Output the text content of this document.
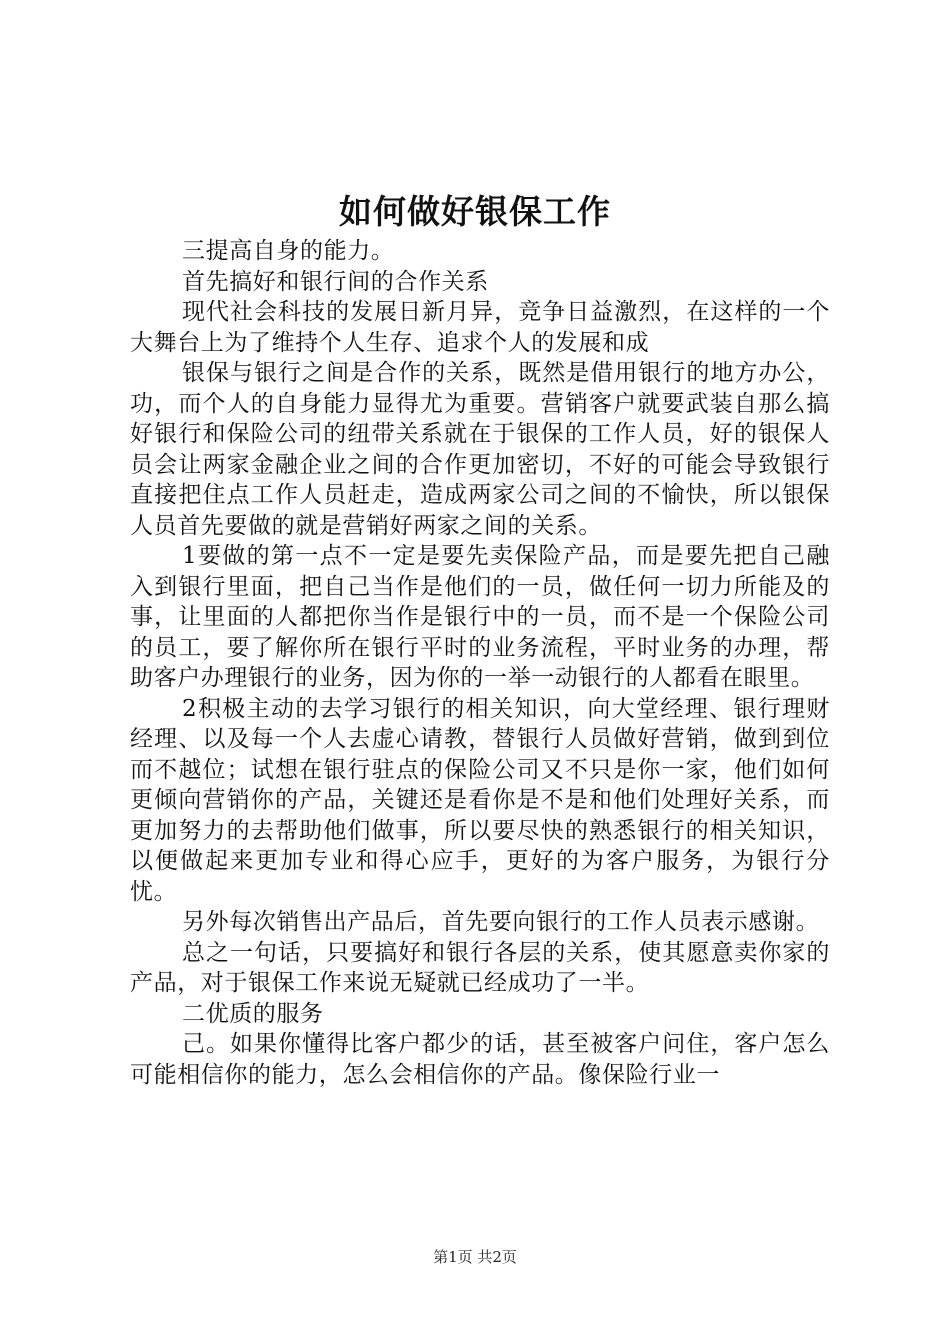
如何做好银保工作

三提高自身的能力。

首先搞好和银行间的合作关系

现代社会科技的发展日新月异，竞争日益激烈，在这样的一个大舞台上为了维持个人生存、追求个人的发展和成

银保与银行之间是合作的关系，既然是借用银行的地方办公，功，而个人的自身能力显得尤为重要。营销客户就要武装自那么搞好银行和保险公司的纽带关系就在于银保的工作人员，好的银保人员会让两家金融企业之间的合作更加密切，不好的可能会导致银行直接把住点工作人员赶走，造成两家公司之间的不愉快，所以银保人员首先要做的就是营销好两家之间的关系。

1要做的第一点不一定是要先卖保险产品，而是要先把自己融入到银行里面，把自己当作是他们的一员，做任何一切力所能及的事，让里面的人都把你当作是银行中的一员，而不是一个保险公司的员工，要了解你所在银行平时的业务流程，平时业务的办理，帮助客户办理银行的业务，因为你的一举一动银行的人都看在眼里。

2积极主动的去学习银行的相关知识，向大堂经理、银行理财经理、以及每一个人去虚心请教，替银行人员做好营销，做到到位而不越位；试想在银行驻点的保险公司又不只是你一家，他们如何更倾向营销你的产品，关键还是看你是不是和他们处理好关系，而更加努力的去帮助他们做事，所以要尽快的熟悉银行的相关知识，以便做起来更加专业和得心应手，更好的为客户服务，为银行分忧。

另外每次销售出产品后，首先要向银行的工作人员表示感谢。

总之一句话，只要搞好和银行各层的关系，使其愿意卖你家的产品，对于银保工作来说无疑就已经成功了一半。

二优质的服务

己。如果你懂得比客户都少的话，甚至被客户问住，客户怎么可能相信你的能力，怎么会相信你的产品。像保险行业一

第1页 共2页
